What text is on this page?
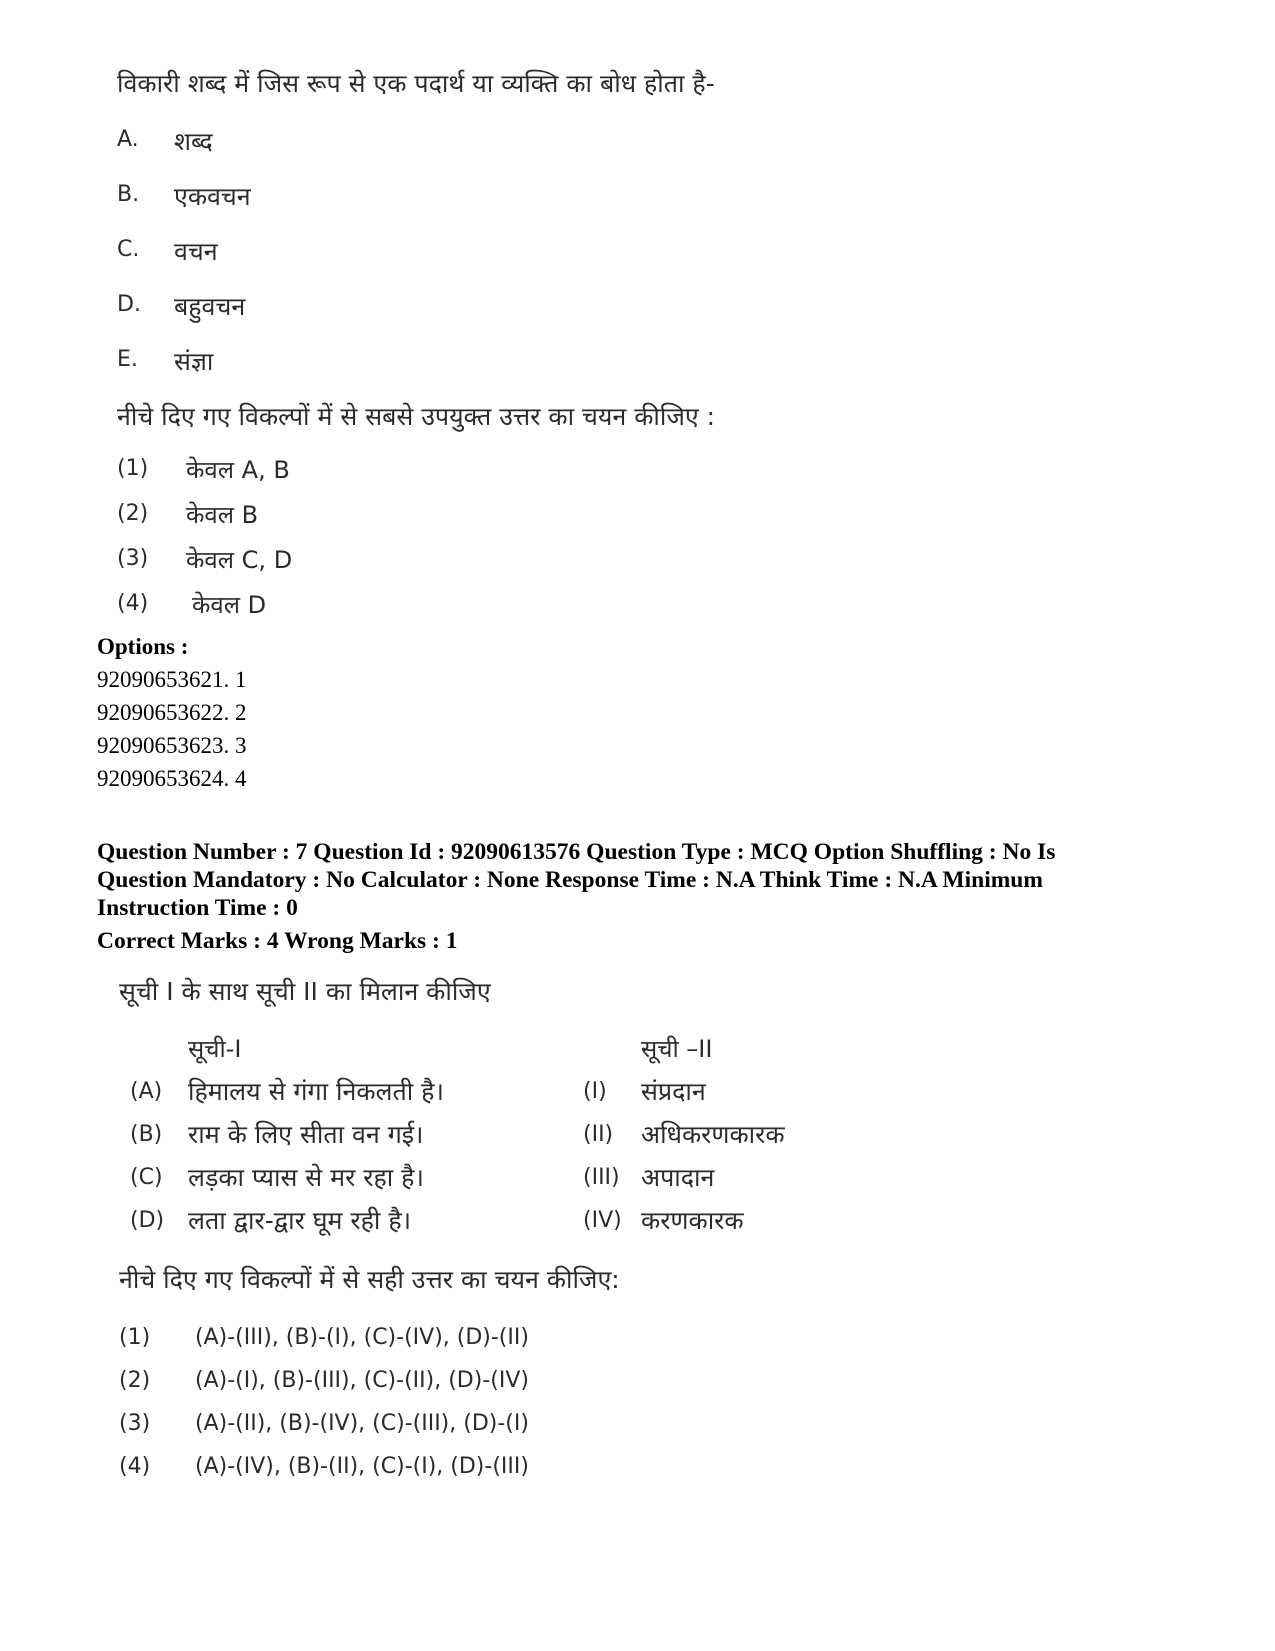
विकारी शब्द में जिस रूप से एक पदार्थ या व्यक्ति का बोध होता है-
A. शब्द
B. एकवचन
C. वचन
D. बहुवचन
E. संज्ञा
नीचे दिए गए विकल्पों में से सबसे उपयुक्त उत्तर का चयन कीजिए :
(1) केवल A, B
(2) केवल B
(3) केवल C, D
(4) केवल D
Options :
92090653621. 1
92090653622. 2
92090653623. 3
92090653624. 4
Question Number : 7 Question Id : 92090613576 Question Type : MCQ Option Shuffling : No Is
Question Mandatory : No Calculator : None Response Time : N.A Think Time : N.A Minimum
Instruction Time : 0
Correct Marks : 4 Wrong Marks : 1
सूची I के साथ सूची II का मिलान कीजिए
सूची-I	सूची –II
(A) हिमालय से गंगा निकलती है।	(I) संप्रदान
(B) राम के लिए सीता वन गई।	(II) अधिकरणकारक
(C) लड़का प्यास से मर रहा है।	(III) अपादान
(D) लता द्वार-द्वार घूम रही है।	(IV) करणकारक
नीचे दिए गए विकल्पों में से सही उत्तर का चयन कीजिए:
(1) (A)-(III), (B)-(I), (C)-(IV), (D)-(II)
(2) (A)-(I), (B)-(III), (C)-(II), (D)-(IV)
(3) (A)-(II), (B)-(IV), (C)-(III), (D)-(I)
(4) (A)-(IV), (B)-(II), (C)-(I), (D)-(III)
